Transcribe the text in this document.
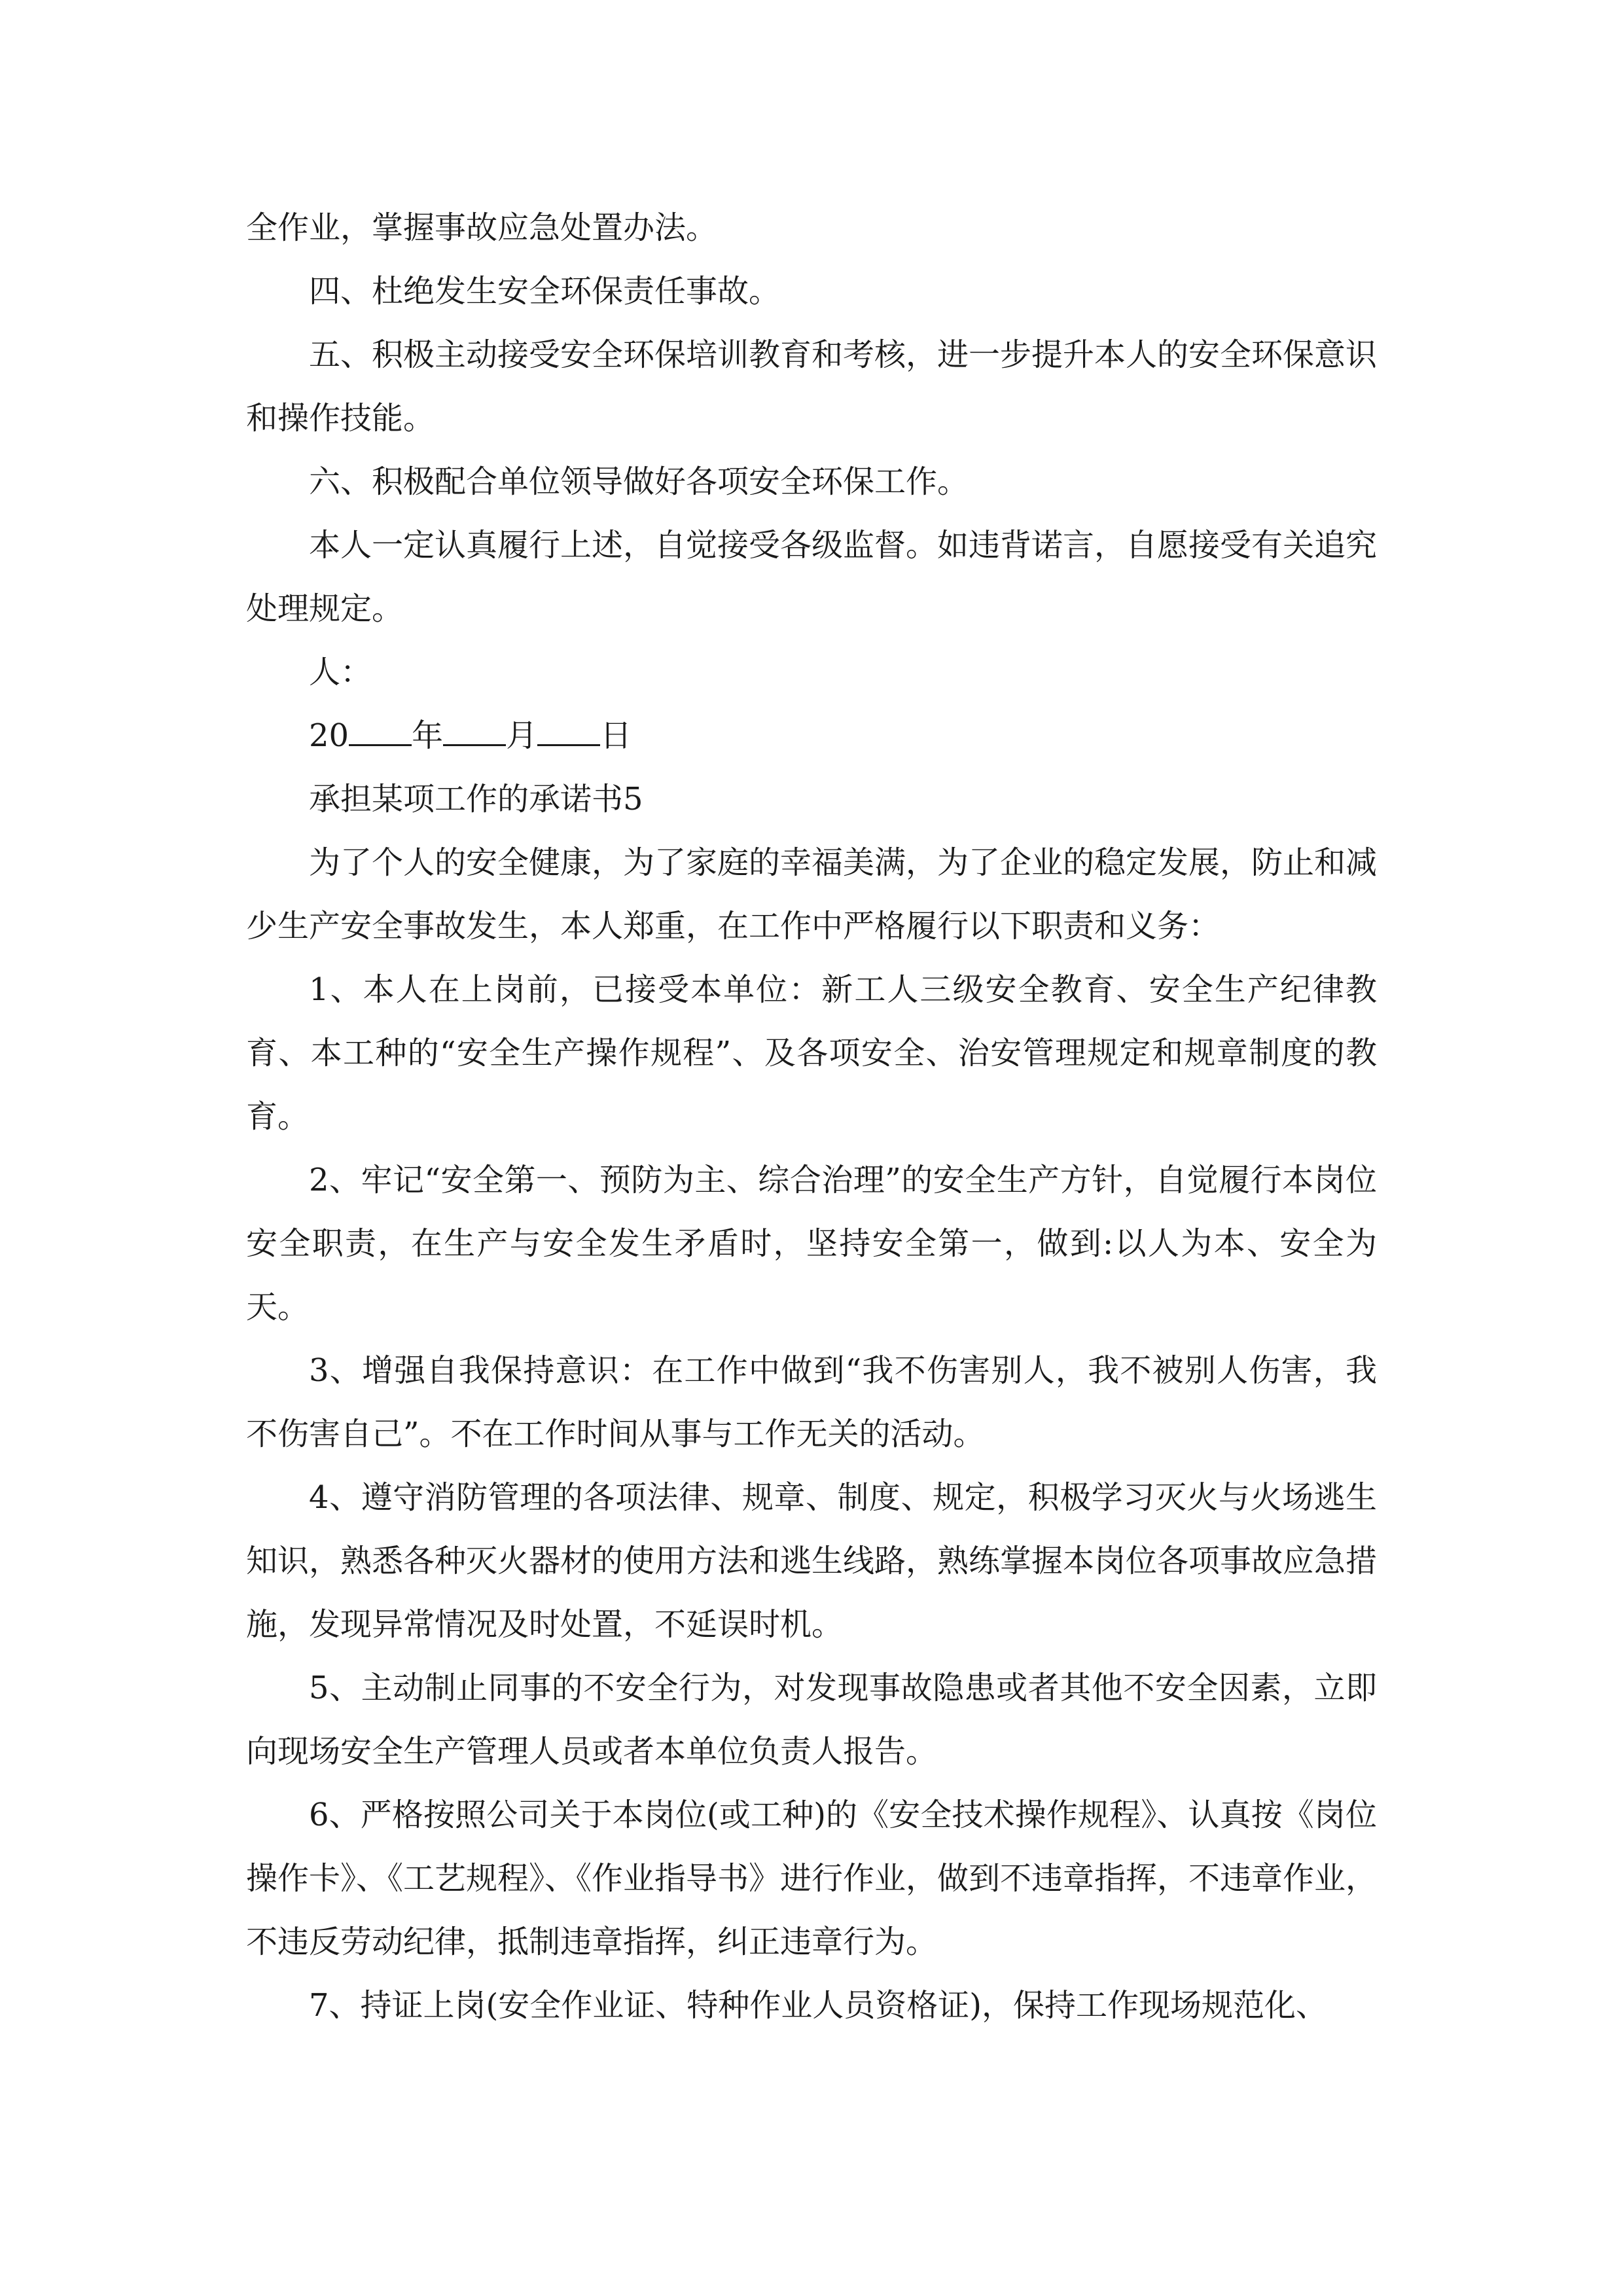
全作业，掌握事故应急处置办法。

四、杜绝发生安全环保责任事故。

五、积极主动接受安全环保培训教育和考核，进一步提升本人的安全环保意识和操作技能。

六、积极配合单位领导做好各项安全环保工作。

本人一定认真履行上述，自觉接受各级监督。如违背诺言，自愿接受有关追究处理规定。

人：

20 年 月 日

承担某项工作的承诺书5

为了个人的安全健康，为了家庭的幸福美满，为了企业的稳定发展，防止和减少生产安全事故发生，本人郑重，在工作中严格履行以下职责和义务：

1、本人在上岗前，已接受本单位：新工人三级安全教育、安全生产纪律教育、本工种的“安全生产操作规程”、及各项安全、治安管理规定和规章制度的教育。

2、牢记“安全第一、预防为主、综合治理”的安全生产方针，自觉履行本岗位安全职责，在生产与安全发生矛盾时，坚持安全第一，做到:以人为本、安全为天。

3、增强自我保持意识：在工作中做到“我不伤害别人，我不被别人伤害，我不伤害自己”。不在工作时间从事与工作无关的活动。

4、遵守消防管理的各项法律、规章、制度、规定，积极学习灭火与火场逃生知识，熟悉各种灭火器材的使用方法和逃生线路，熟练掌握本岗位各项事故应急措施，发现异常情况及时处置，不延误时机。

5、主动制止同事的不安全行为，对发现事故隐患或者其他不安全因素，立即向现场安全生产管理人员或者本单位负责人报告。

6、严格按照公司关于本岗位(或工种)的《安全技术操作规程》、认真按《岗位操作卡》、《工艺规程》、《作业指导书》进行作业，做到不违章指挥，不违章作业，不违反劳动纪律，抵制违章指挥，纠正违章行为。

7、持证上岗(安全作业证、特种作业人员资格证)，保持工作现场规范化、
